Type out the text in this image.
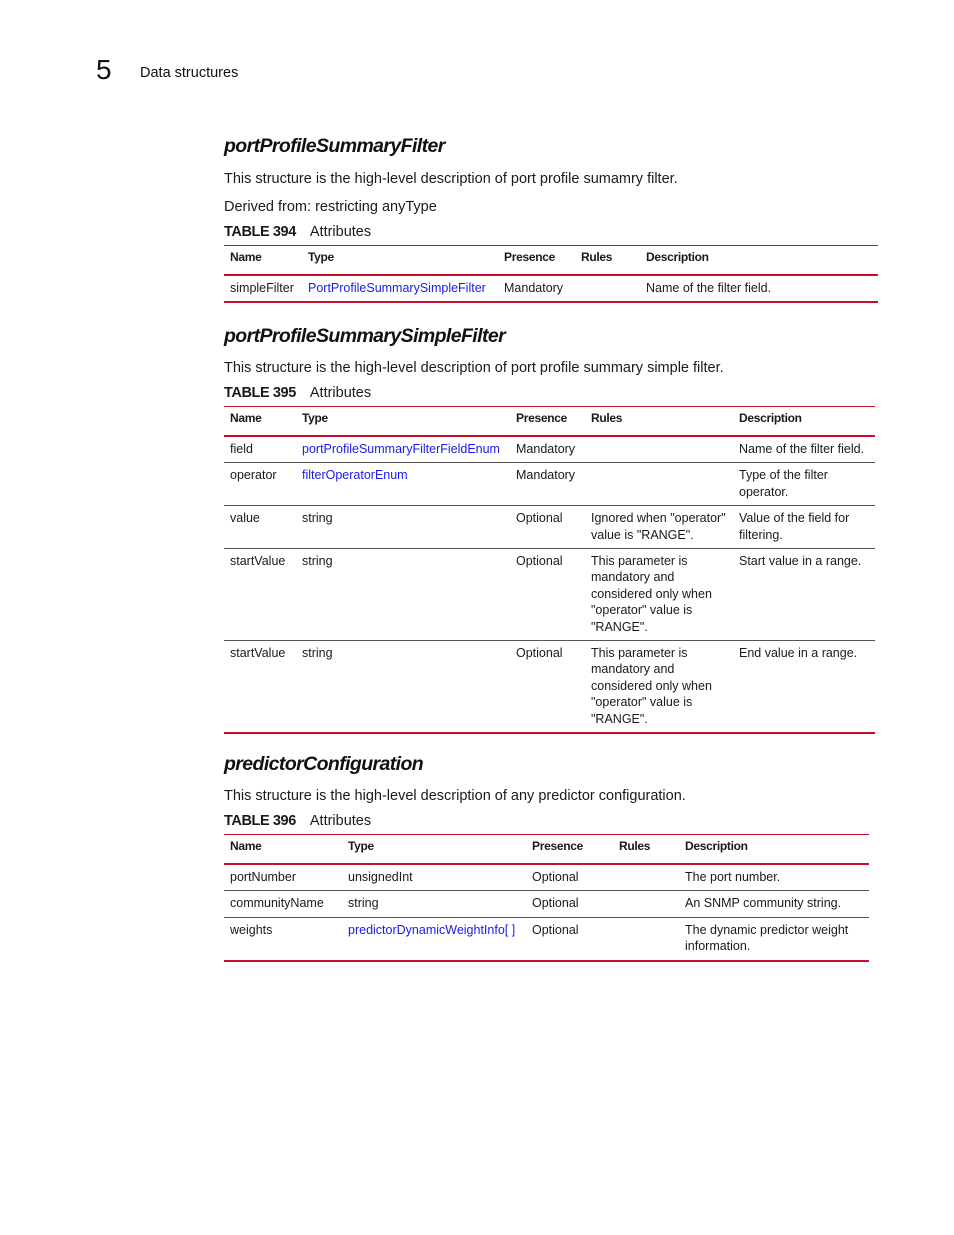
5 Data structures
portProfileSummaryFilter

This structure is the high-level description of port profile sumamry filter.

Derived from: restricting anyType

TABLE 394 Attributes

Name	Type	Presence	Rules	Description
simpleFilter	PortProfileSummarySimpleFilter	Mandatory		Name of the filter field.
portProfileSummarySimpleFilter

This structure is the high-level description of port profile summary simple filter.

TABLE 395 Attributes

Name	Type	Presence	Rules	Description
field	portProfileSummaryFilterFieldEnum	Mandatory		Name of the filter field.
operator	filterOperatorEnum	Mandatory		Type of the filter operator.
value	string	Optional	Ignored when "operator" value is "RANGE".	Value of the field for filtering.
startValue	string	Optional	This parameter is mandatory and considered only when "operator" value is "RANGE".	Start value in a range.
startValue	string	Optional	This parameter is mandatory and considered only when "operator" value is "RANGE".	End value in a range.
predictorConfiguration

This structure is the high-level description of any predictor configuration.

TABLE 396 Attributes

Name	Type	Presence	Rules	Description
portNumber	unsignedInt	Optional		The port number.
communityName	string	Optional		An SNMP community string.
weights	predictorDynamicWeightInfo[ ]	Optional		The dynamic predictor weight information.
